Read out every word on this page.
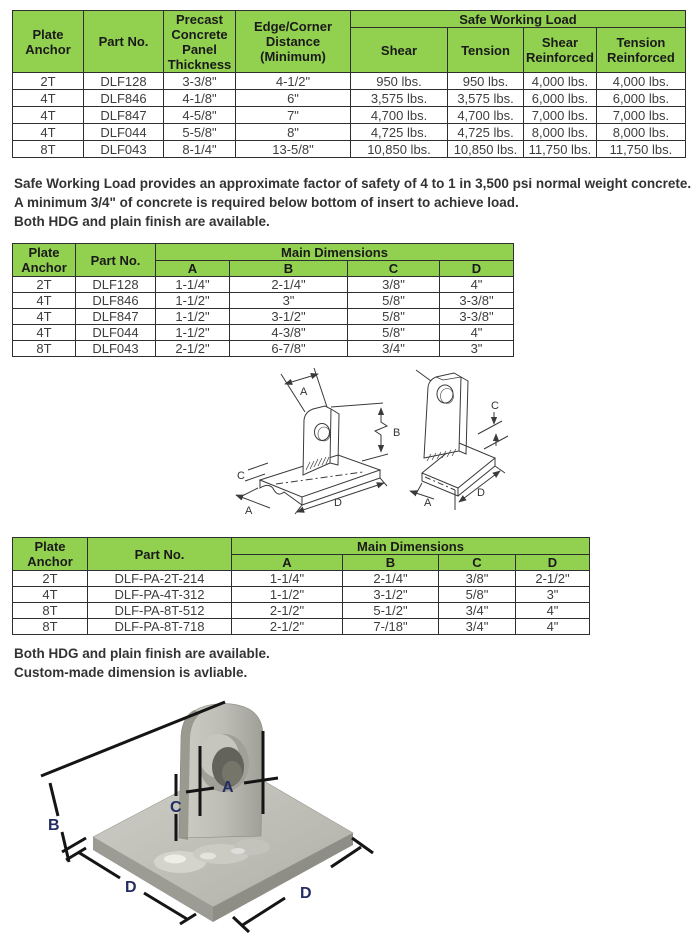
Plate Anchor	Part No.	Precast Concrete Panel Thickness	Edge/Corner Distance (Minimum)	Safe Working Load			
				Shear	Tension	Shear Reinforced	Tension Reinforced
2T	DLF128	3-3/8"	4-1/2"	950 lbs.	950 lbs.	4,000 lbs.	4,000 lbs.
4T	DLF846	4-1/8"	6"	3,575 lbs.	3,575 lbs.	6,000 lbs.	6,000 lbs.
4T	DLF847	4-5/8"	7"	4,700 lbs.	4,700 lbs.	7,000 lbs.	7,000 lbs.
4T	DLF044	5-5/8"	8"	4,725 lbs.	4,725 lbs.	8,000 lbs.	8,000 lbs.
8T	DLF043	8-1/4"	13-5/8"	10,850 lbs.	10,850 lbs.	11,750 lbs.	11,750 lbs.
Safe Working Load provides an approximate factor of safety of 4 to 1 in 3,500 psi normal weight concrete.
A minimum 3/4" of concrete is required below bottom of insert to achieve load.
Both HDG and plain finish are available.
Plate Anchor	Part No.	Main Dimensions			
		A	B	C	D
2T	DLF128	1-1/4"	2-1/4"	3/8"	4"
4T	DLF846	1-1/2"	3"	5/8"	3-3/8"
4T	DLF847	1-1/2"	3-1/2"	5/8"	3-3/8"
4T	DLF044	1-1/2"	4-3/8"	5/8"	4"
8T	DLF043	2-1/2"	6-7/8"	3/4"	3"
A
B
C
A
D
C
D
A
Plate Anchor	Part No.	Main Dimensions			
		A	B	C	D
2T	DLF-PA-2T-214	1-1/4"	2-1/4"	3/8"	2-1/2"
4T	DLF-PA-4T-312	1-1/2"	3-1/2"	5/8"	3"
8T	DLF-PA-8T-512	2-1/2"	5-1/2"	3/4"	4"
8T	DLF-PA-8T-718	2-1/2"	7-/18"	3/4"	4"
Both HDG and plain finish are available.
Custom-made dimension is avliable.
B
C
A
D	D
